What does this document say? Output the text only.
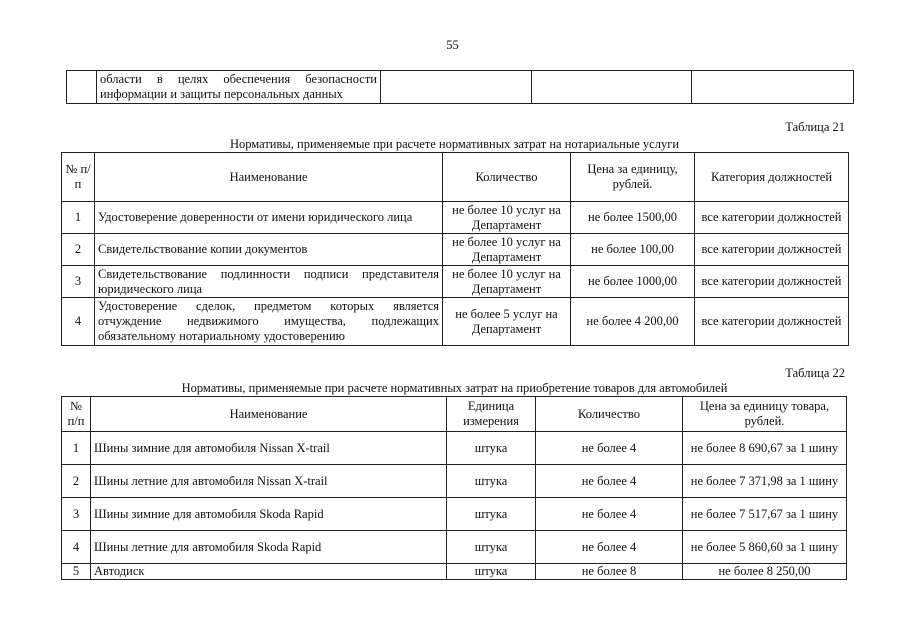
55

области в целях обеспечения безопасности
информации и защиты персональных данных

Таблица 21
Нормативы, применяемые при расчете нормативных затрат на нотариальные услуги
№ п/п	Наименование	Количество	Цена за единицу, рублей.	Категория должностей
1	Удостоверение доверенности от имени юридического лица	не более 10 услуг на Департамент	не более 1500,00	все категории должностей
2	Свидетельствование копии документов	не более 10 услуг на Департамент	не более 100,00	все категории должностей
3	Свидетельствование подлинности подписи представителя юридического лица	не более 10 услуг на Департамент	не более 1000,00	все категории должностей
4	Удостоверение сделок, предметом которых является отчуждение недвижимого имущества, подлежащих обязательному нотариальному удостоверению	не более 5 услуг на Департамент	не более 4 200,00	все категории должностей
Таблица 22
Нормативы, применяемые при расчете нормативных затрат на приобретение товаров для автомобилей
№ п/п	Наименование	Единица измерения	Количество	Цена за единицу товара, рублей.
1	Шины зимние для автомобиля Nissan X-trail	штука	не более 4	не более 8 690,67 за 1 шину
2	Шины летние для автомобиля Nissan X-trail	штука	не более 4	не более 7 371,98 за 1 шину
3	Шины зимние для автомобиля Skoda Rapid	штука	не более 4	не более 7 517,67 за 1 шину
4	Шины летние для автомобиля Skoda Rapid	штука	не более 4	не более 5 860,60 за 1 шину
5	Автодиск	штука	не более 8	не более 8 250,00
